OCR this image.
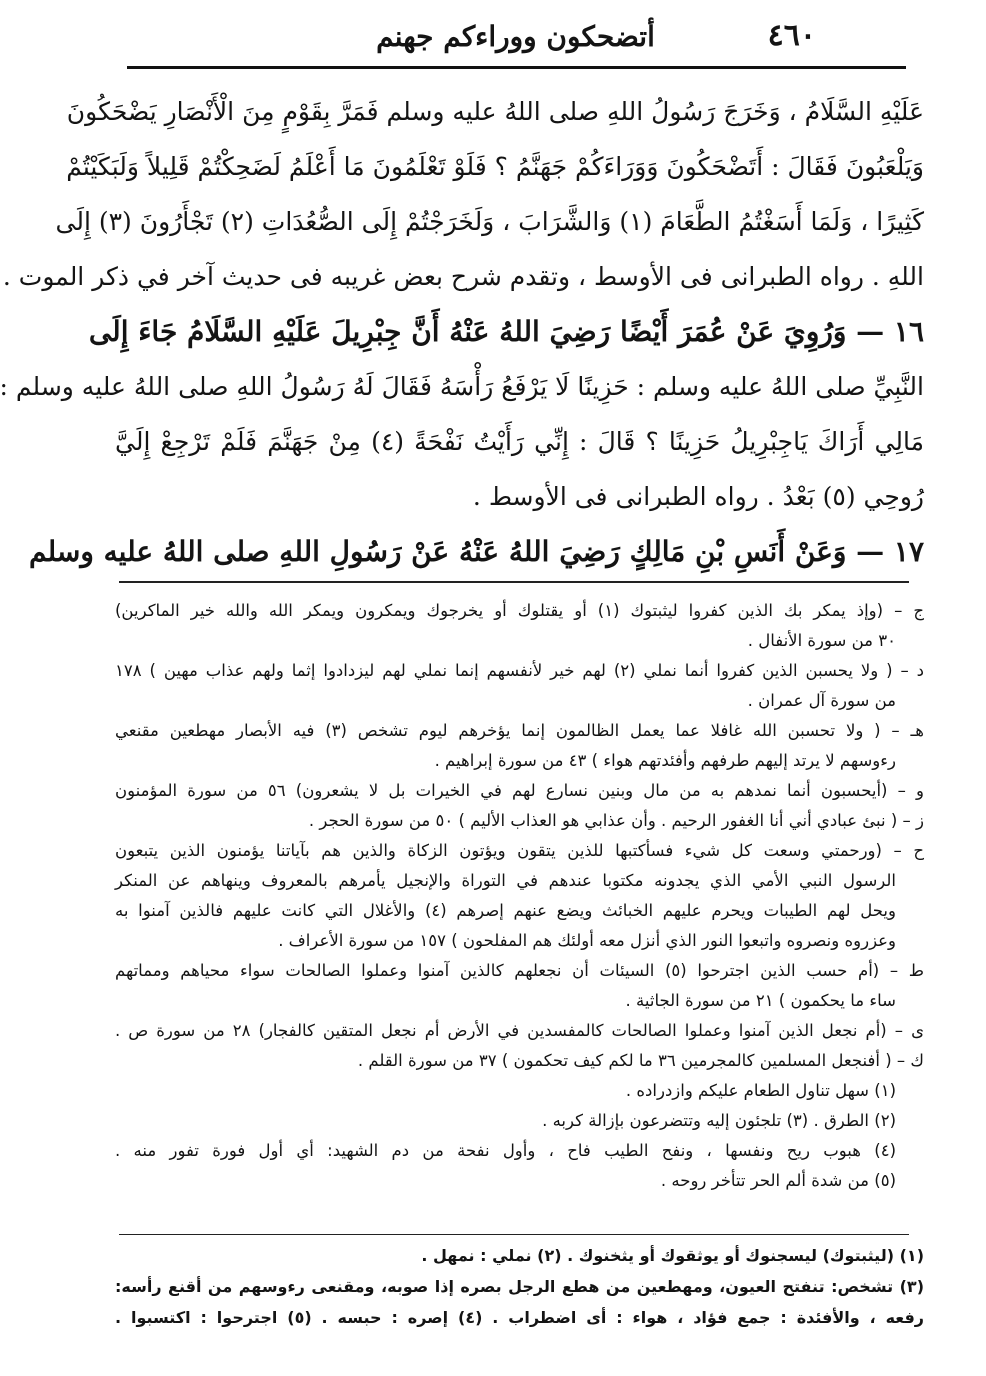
٤٦٠
أتضحكون ووراءكم جهنم
عَلَيْهِ السَّلَامُ ، وَخَرَجَ رَسُولُ اللهِ صلى اللهُ عليه وسلم فَمَرَّ بِقَوْمٍ مِنَ الْأَنْصَارِ يَضْحَكُونَ
وَيَلْعَبُونَ فَقَالَ : أَتَضْحَكُونَ وَوَرَاءَكُمْ جَهَنَّمُ ؟ فَلَوْ تَعْلَمُونَ مَا أَعْلَمُ لَضَحِكْتُمْ قَلِيلاً وَلَبَكَيْتُمْ
كَثِيرًا ، وَلَمَا أَسَغْتُمُ الطَّعَامَ (١) وَالشَّرَابَ ، وَلَخَرَجْتُمْ إِلَى الصُّعُدَاتِ (٢) تَجْأَرُونَ (٣) إِلَى
اللهِ . رواه الطبرانى فى الأوسط ، وتقدم شرح بعض غريبه فى حديث آخر في ذكر الموت .
١٦ — وَرُوِيَ عَنْ عُمَرَ أَيْضًا رَضِيَ اللهُ عَنْهُ أَنَّ جِبْرِيلَ عَلَيْهِ السَّلَامُ جَاءَ إِلَى
النَّبِيِّ صلى اللهُ عليه وسلم : حَزِينًا لَا يَرْفَعُ رَأْسَهُ فَقَالَ لَهُ رَسُولُ اللهِ صلى اللهُ عليه وسلم :
مَالِي أَرَاكَ يَاجِبْرِيلُ حَزِينًا ؟ قَالَ : إِنِّي رَأَيْتُ نَفْحَةً (٤) مِنْ جَهَنَّمَ فَلَمْ تَرْجِعْ إِلَيَّ
رُوحِي (٥) بَعْدُ . رواه الطبرانى فى الأوسط .
١٧ — وَعَنْ أَنَسِ بْنِ مَالِكٍ رَضِيَ اللهُ عَنْهُ عَنْ رَسُولِ اللهِ صلى اللهُ عليه وسلم
ج – (وإذ يمكر بك الذين كفروا ليثبتوك (١) أو يقتلوك أو يخرجوك ويمكرون ويمكر الله والله خير الماكرين)
٣٠ من سورة الأنفال .
د – ( ولا يحسبن الذين كفروا أنما نملي (٢) لهم خير لأنفسهم إنما نملي لهم ليزدادوا إثما ولهم عذاب مهين ) ١٧٨
من سورة آل عمران .
هـ – ( ولا تحسبن الله غافلا عما يعمل الظالمون إنما يؤخرهم ليوم تشخص (٣) فيه الأبصار مهطعين مقنعي
رءوسهم لا يرتد إليهم طرفهم وأفئدتهم هواء ) ٤٣ من سورة إبراهيم .
و – (أيحسبون أنما نمدهم به من مال وبنين نسارع لهم في الخيرات بل لا يشعرون) ٥٦ من سورة المؤمنون
ز – ( نبئ عبادي أني أنا الغفور الرحيم . وأن عذابي هو العذاب الأليم ) ٥٠ من سورة الحجر .
ح – (ورحمتي وسعت كل شيء فسأكتبها للذين يتقون ويؤتون الزكاة والذين هم بآياتنا يؤمنون الذين يتبعون
الرسول النبي الأمي الذي يجدونه مكتوبا عندهم في التوراة والإنجيل يأمرهم بالمعروف وينهاهم عن المنكر
ويحل لهم الطيبات ويحرم عليهم الخبائث ويضع عنهم إصرهم (٤) والأغلال التي كانت عليهم فالذين آمنوا به
وعزروه ونصروه واتبعوا النور الذي أنزل معه أولئك هم المفلحون ) ١٥٧ من سورة الأعراف .
ط – (أم حسب الذين اجترحوا (٥) السيئات أن نجعلهم كالذين آمنوا وعملوا الصالحات سواء محياهم ومماتهم
ساء ما يحكمون ) ٢١ من سورة الجاثية .
ى – (أم نجعل الذين آمنوا وعملوا الصالحات كالمفسدين في الأرض أم نجعل المتقين كالفجار) ٢٨ من سورة ص .
ك – ( أفنجعل المسلمين كالمجرمين ٣٦ ما لكم كيف تحكمون ) ٣٧ من سورة القلم .
(١) سهل تناول الطعام عليكم وازدراده .
(٢) الطرق . (٣) تلجئون إليه وتتضرعون بإزالة كربه .
(٤) هبوب ريح ونفسها ، ونفح الطيب فاح ، وأول نفحة من دم الشهيد: أي أول فورة تفور منه .
(٥) من شدة ألم الحر تتأخر روحه .
(١) (ليثبتوك) ليسجنوك أو يوثقوك أو يثخنوك . (٢) نملي : نمهل .
(٣) تشخص: تنفتح العيون، ومهطعين من هطع الرجل بصره إذا صوبه، ومقنعى رءوسهم من أقنع رأسه:
رفعه ، والأفئدة : جمع فؤاد ، هواء : أى اضطراب . (٤) إصره : حبسه . (٥) اجترحوا : اكتسبوا .
